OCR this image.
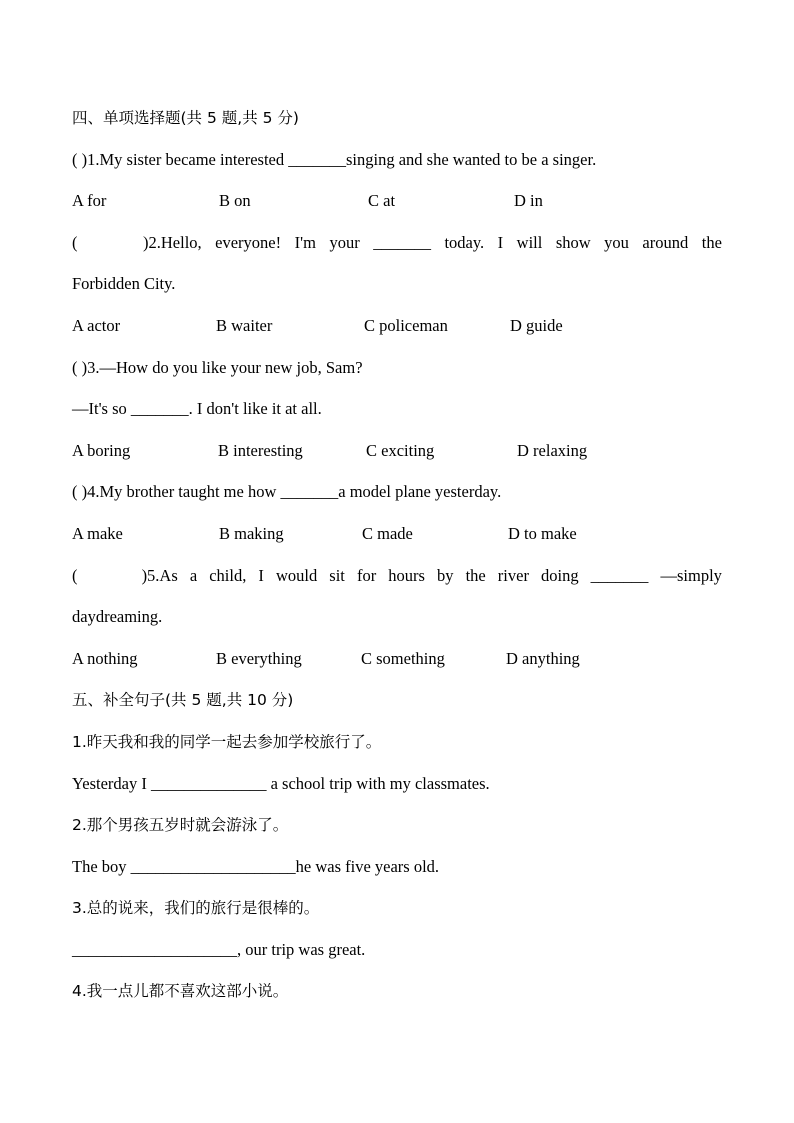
四、单项选择题(共 5 题,共 5 分)
( )1.My sister became interested _______singing and she wanted to be a singer.
A for	B on	C at	D in
(	)2.Hello, everyone! I'm your _______ today. I will show you around the
Forbidden City.
A actor	B waiter	C policeman	D guide
( )3.—How do you like your new job, Sam?
—It's so _______. I don't like it at all.
A boring	B interesting	C exciting	D relaxing
( )4.My brother taught me how _______a model plane yesterday.
A make	B making	C made	D to make
(	)5.As a child, I would sit for hours by the river doing _______ —simply
daydreaming.
A nothing	B everything	C something	D anything
五、补全句子(共 5 题,共 10 分)
1.昨天我和我的同学一起去参加学校旅行了。
Yesterday I ______________ a school trip with my classmates.
2.那个男孩五岁时就会游泳了。
The boy ____________________he was five years old.
3.总的说来，我们的旅行是很棒的。
____________________, our trip was great.
4.我一点儿都不喜欢这部小说。
